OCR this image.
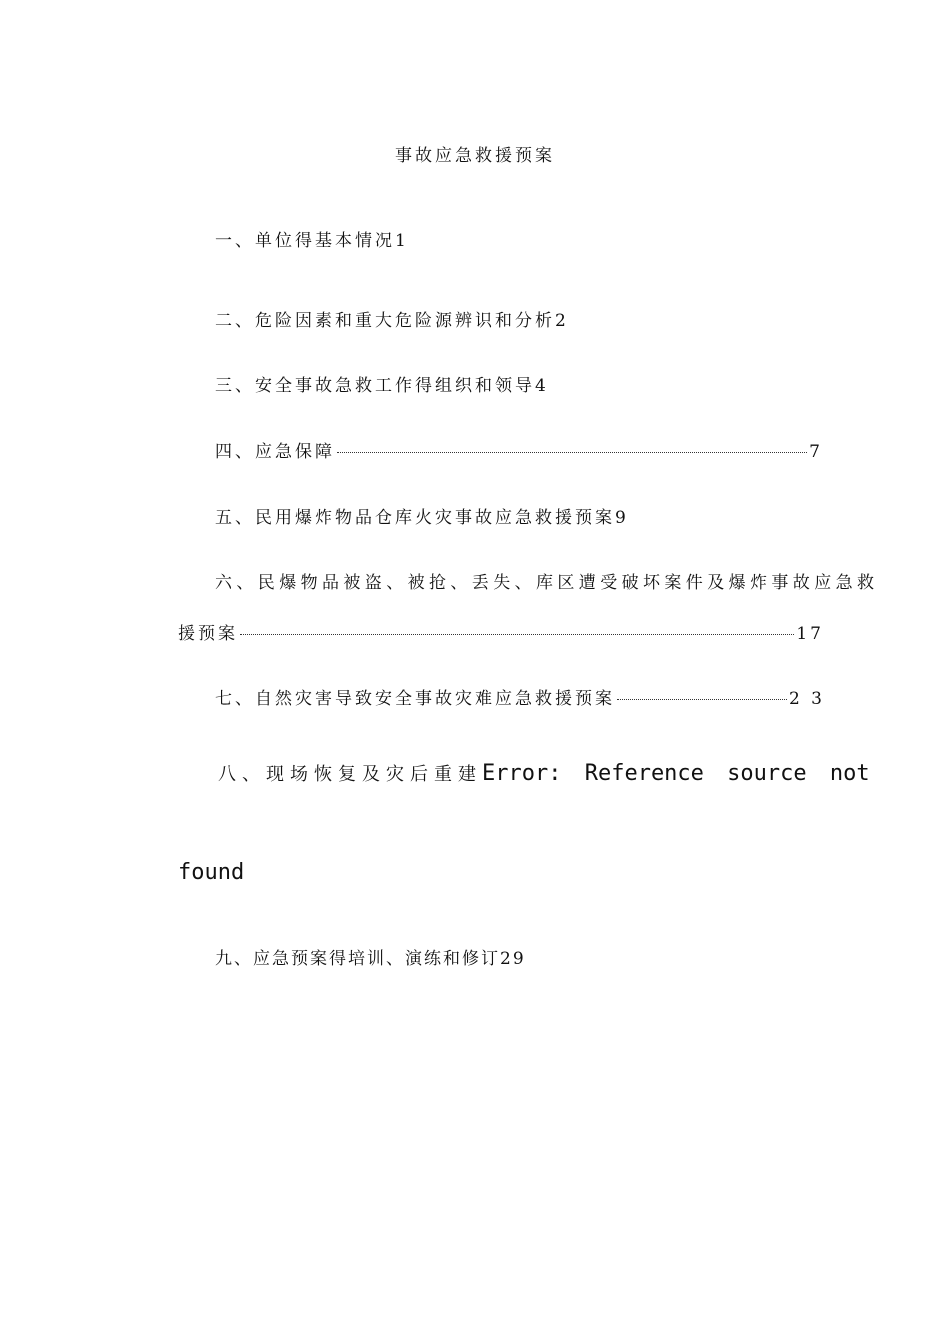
事故应急救援预案
一、单位得基本情况1
二、危险因素和重大危险源辨识和分析2
三、安全事故急救工作得组织和领导4
四、应急保障	7
五、民用爆炸物品仓库火灾事故应急救援预案9
六、民爆物品被盗、被抢、丢失、库区遭受破坏案件及爆炸事故应急救
援预案	17
七、自然灾害导致安全事故灾难应急救援预案	2 3
八、现场恢复及灾后重建 Error: Reference source not
found
九、应急预案得培训、演练和修订29
